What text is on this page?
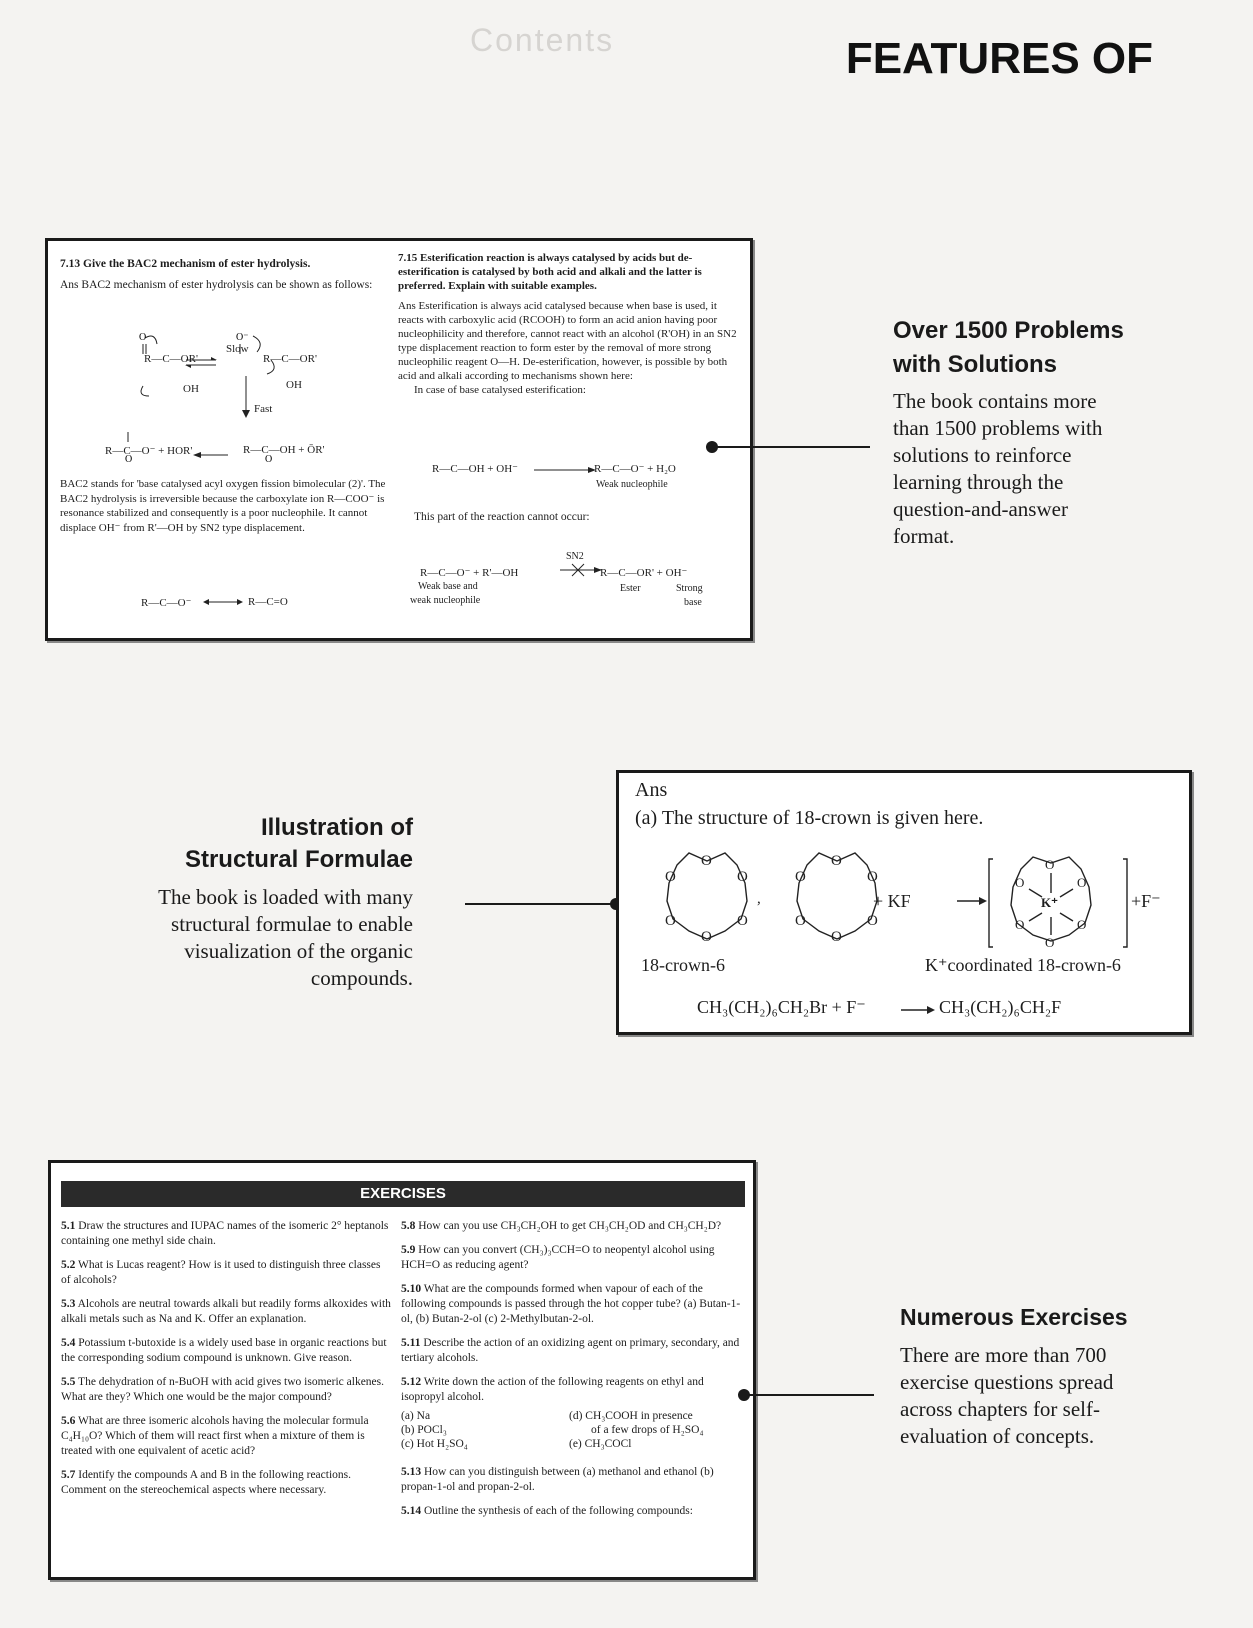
Contents	FEATURES OF

7.13 Give the BAC2 mechanism of ester hydrolysis.

Ans BAC2 mechanism of ester hydrolysis can be shown as follows:

O	O⁻
O	O
Slow
Fast
R—C—OR'	R—C—OR'
OH	OH
R—C—O⁻ + HOR'	R—C—OH + ŌR'

BAC2 stands for 'base catalysed acyl oxygen fission bimolecular (2)'. The BAC2 hydrolysis is irreversible because the carboxylate ion R—COO⁻ is resonance stabilized and consequently is a poor nucleophile. It cannot displace OH⁻ from R'—OH by SN2 type displacement.

R—C—O⁻	R—C=O

7.15 Esterification reaction is always catalysed by acids but de-esterification is catalysed by both acid and alkali and the latter is preferred. Explain with suitable examples.

Ans Esterification is always acid catalysed because when base is used, it reacts with carboxylic acid (RCOOH) to form an acid anion having poor nucleophilicity and therefore, cannot react with an alcohol (R'OH) in an SN2 type displacement reaction to form ester by the removal of more strong nucleophilic reagent O—H. De-esterification, however, is possible by both acid and alkali according to mechanisms shown here:

In case of base catalysed esterification:

R—C—OH + OH⁻	R—C—O⁻ + H₂O
Weak nucleophile
This part of the reaction cannot occur:
R—C—O⁻ + R'—OH
SN2
R—C—OR' + OH⁻
Weak base and
weak nucleophile
Ester	Strong
base
Over 1500 Problems
with Solutions
The book contains more
than 1500 problems with
solutions to reinforce
learning through the
question-and-answer
format.
Illustration of
Structural Formulae
The book is loaded with many
structural formulae to enable
visualization of the organic
compounds.
Ans
(a) The structure of 18-crown is given here.
O
O
O
O
O
O
,
O
O
O
O
O
O
O
O
O
O
O
O
+ KF	K⁺	+F⁻
18-crown-6	K⁺coordinated 18-crown-6
CH₃(CH₂)₆CH₂Br + F⁻	CH₃(CH₂)₆CH₂F
EXERCISES

5.1 Draw the structures and IUPAC names of the isomeric 2° heptanols containing one methyl side chain.

5.2 What is Lucas reagent? How is it used to distinguish three classes of alcohols?

5.3 Alcohols are neutral towards alkali but readily forms alkoxides with alkali metals such as Na and K. Offer an explanation.

5.4 Potassium t-butoxide is a widely used base in organic reactions but the corresponding sodium compound is unknown. Give reason.

5.5 The dehydration of n-BuOH with acid gives two isomeric alkenes. What are they? Which one would be the major compound?

5.6 What are three isomeric alcohols having the molecular formula C₄H₁₀O? Which of them will react first when a mixture of them is treated with one equivalent of acetic acid?

5.7 Identify the compounds A and B in the following reactions. Comment on the stereochemical aspects where necessary.

5.8 How can you use CH₃CH₂OH to get CH₃CH₂OD and CH₃CH₂D?

5.9 How can you convert (CH₃)₃CCH=O to neopentyl alcohol using HCH=O as reducing agent?

5.10 What are the compounds formed when vapour of each of the following compounds is passed through the hot copper tube? (a) Butan-1-ol, (b) Butan-2-ol (c) 2-Methylbutan-2-ol.

5.11 Describe the action of an oxidizing agent on primary, secondary, and tertiary alcohols.

5.12 Write down the action of the following reagents on ethyl and isopropyl alcohol.

(a) Na
(b) POCl₃
(c) Hot H₂SO₄
(d) CH₃COOH in presence
of a few drops of H₂SO₄
(e) CH₃COCl

5.13 How can you distinguish between (a) methanol and ethanol (b) propan-1-ol and propan-2-ol.

5.14 Outline the synthesis of each of the following compounds:

Numerous Exercises
There are more than 700
exercise questions spread
across chapters for self-
evaluation of concepts.
